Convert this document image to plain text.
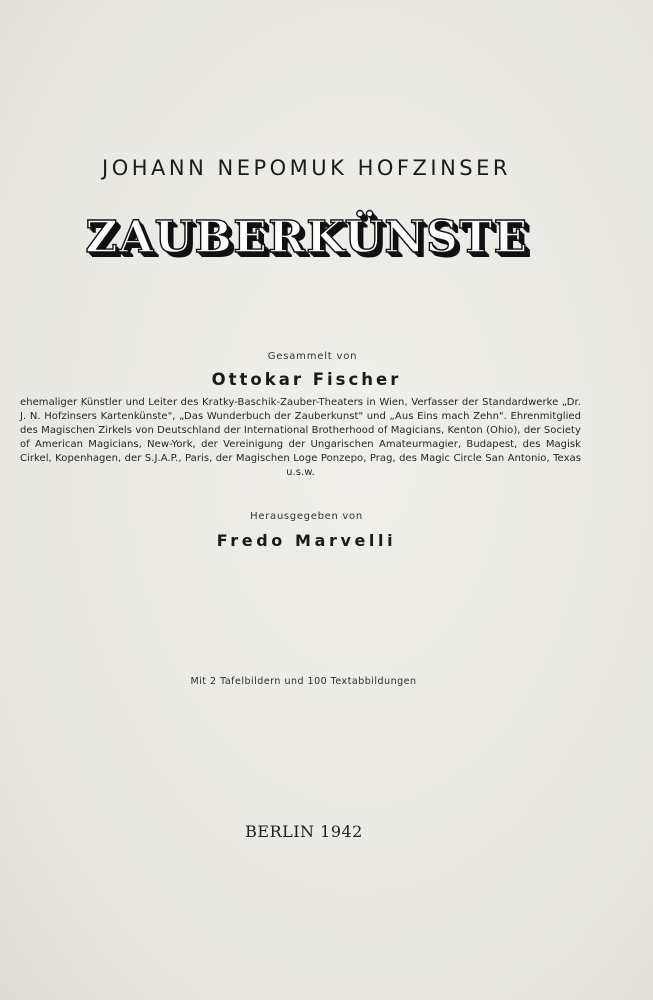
JOHANN NEPOMUK HOFZINSER
ZAUBERKÜNSTE
Gesammelt von
Ottokar Fischer
ehemaliger Künstler und Leiter des Kratky-Baschik-Zauber-Theaters in Wien, Verfasser der Standardwerke „Dr. J. N. Hofzinsers Kartenkünste", „Das Wunderbuch der Zauberkunst" und „Aus Eins mach Zehn". Ehrenmitglied des Magischen Zirkels von Deutschland der International Brotherhood of Magicians, Kenton (Ohio), der Society of American Magicians, New-York, der Vereinigung der Ungarischen Amateurmagier, Budapest, des Magisk Cirkel, Kopenhagen, der S.J.A.P., Paris, der Magischen Loge Ponzepo, Prag, des Magic Circle San Antonio, Texas u.s.w.
Herausgegeben von
Fredo Marvelli
Mit 2 Tafelbildern und 100 Textabbildungen
BERLIN 1942
